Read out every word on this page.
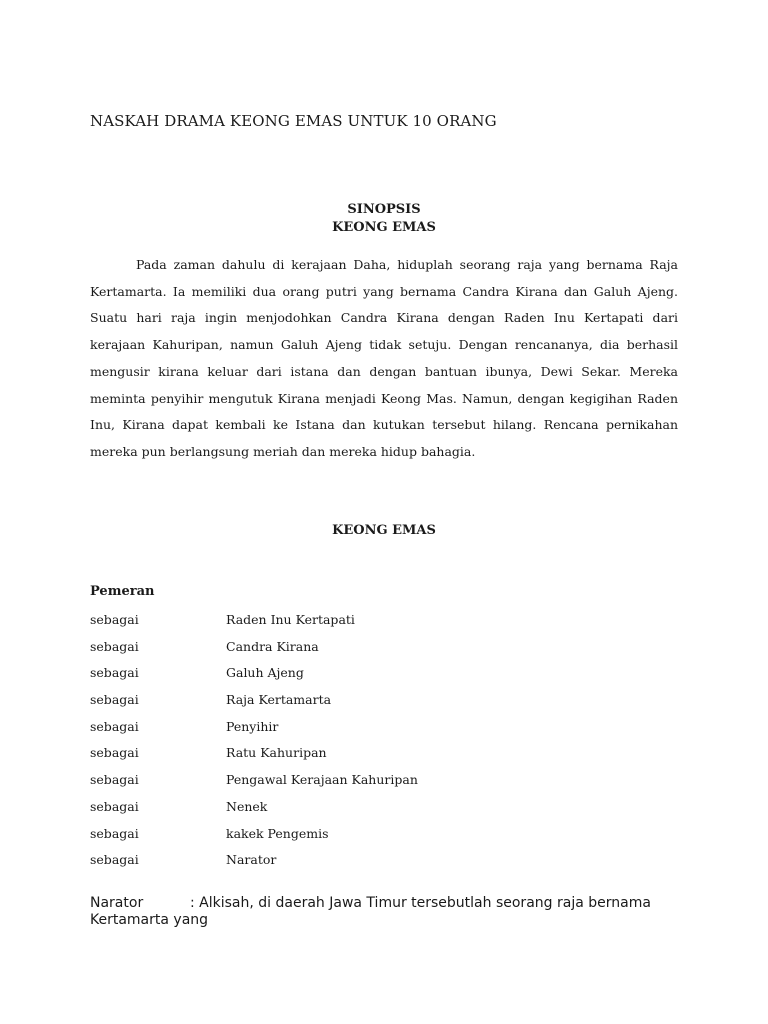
NASKAH DRAMA KEONG EMAS UNTUK 10 ORANG
SINOPSIS
KEONG EMAS

Pada zaman dahulu di kerajaan Daha, hiduplah seorang raja yang bernama Raja Kertamarta. Ia memiliki dua orang putri yang bernama Candra Kirana dan Galuh Ajeng. Suatu hari raja ingin menjodohkan Candra Kirana dengan Raden Inu Kertapati dari kerajaan Kahuripan, namun Galuh Ajeng tidak setuju. Dengan rencananya, dia berhasil mengusir kirana keluar dari istana dan dengan bantuan ibunya, Dewi Sekar. Mereka meminta penyihir mengutuk Kirana menjadi Keong Mas. Namun, dengan kegigihan Raden Inu, Kirana dapat kembali ke Istana dan kutukan tersebut hilang. Rencana pernikahan mereka pun berlangsung meriah dan mereka hidup bahagia.

KEONG EMAS
Pemeran
sebagai	Raden Inu Kertapati
sebagai	Candra Kirana
sebagai	Galuh Ajeng
sebagai	Raja Kertamarta
sebagai	Penyihir
sebagai	Ratu Kahuripan
sebagai	Pengawal Kerajaan Kahuripan
sebagai	Nenek
sebagai	kakek Pengemis
sebagai	Narator
Narator	: Alkisah, di daerah Jawa Timur tersebutlah seorang raja bernama Kertamarta yang
